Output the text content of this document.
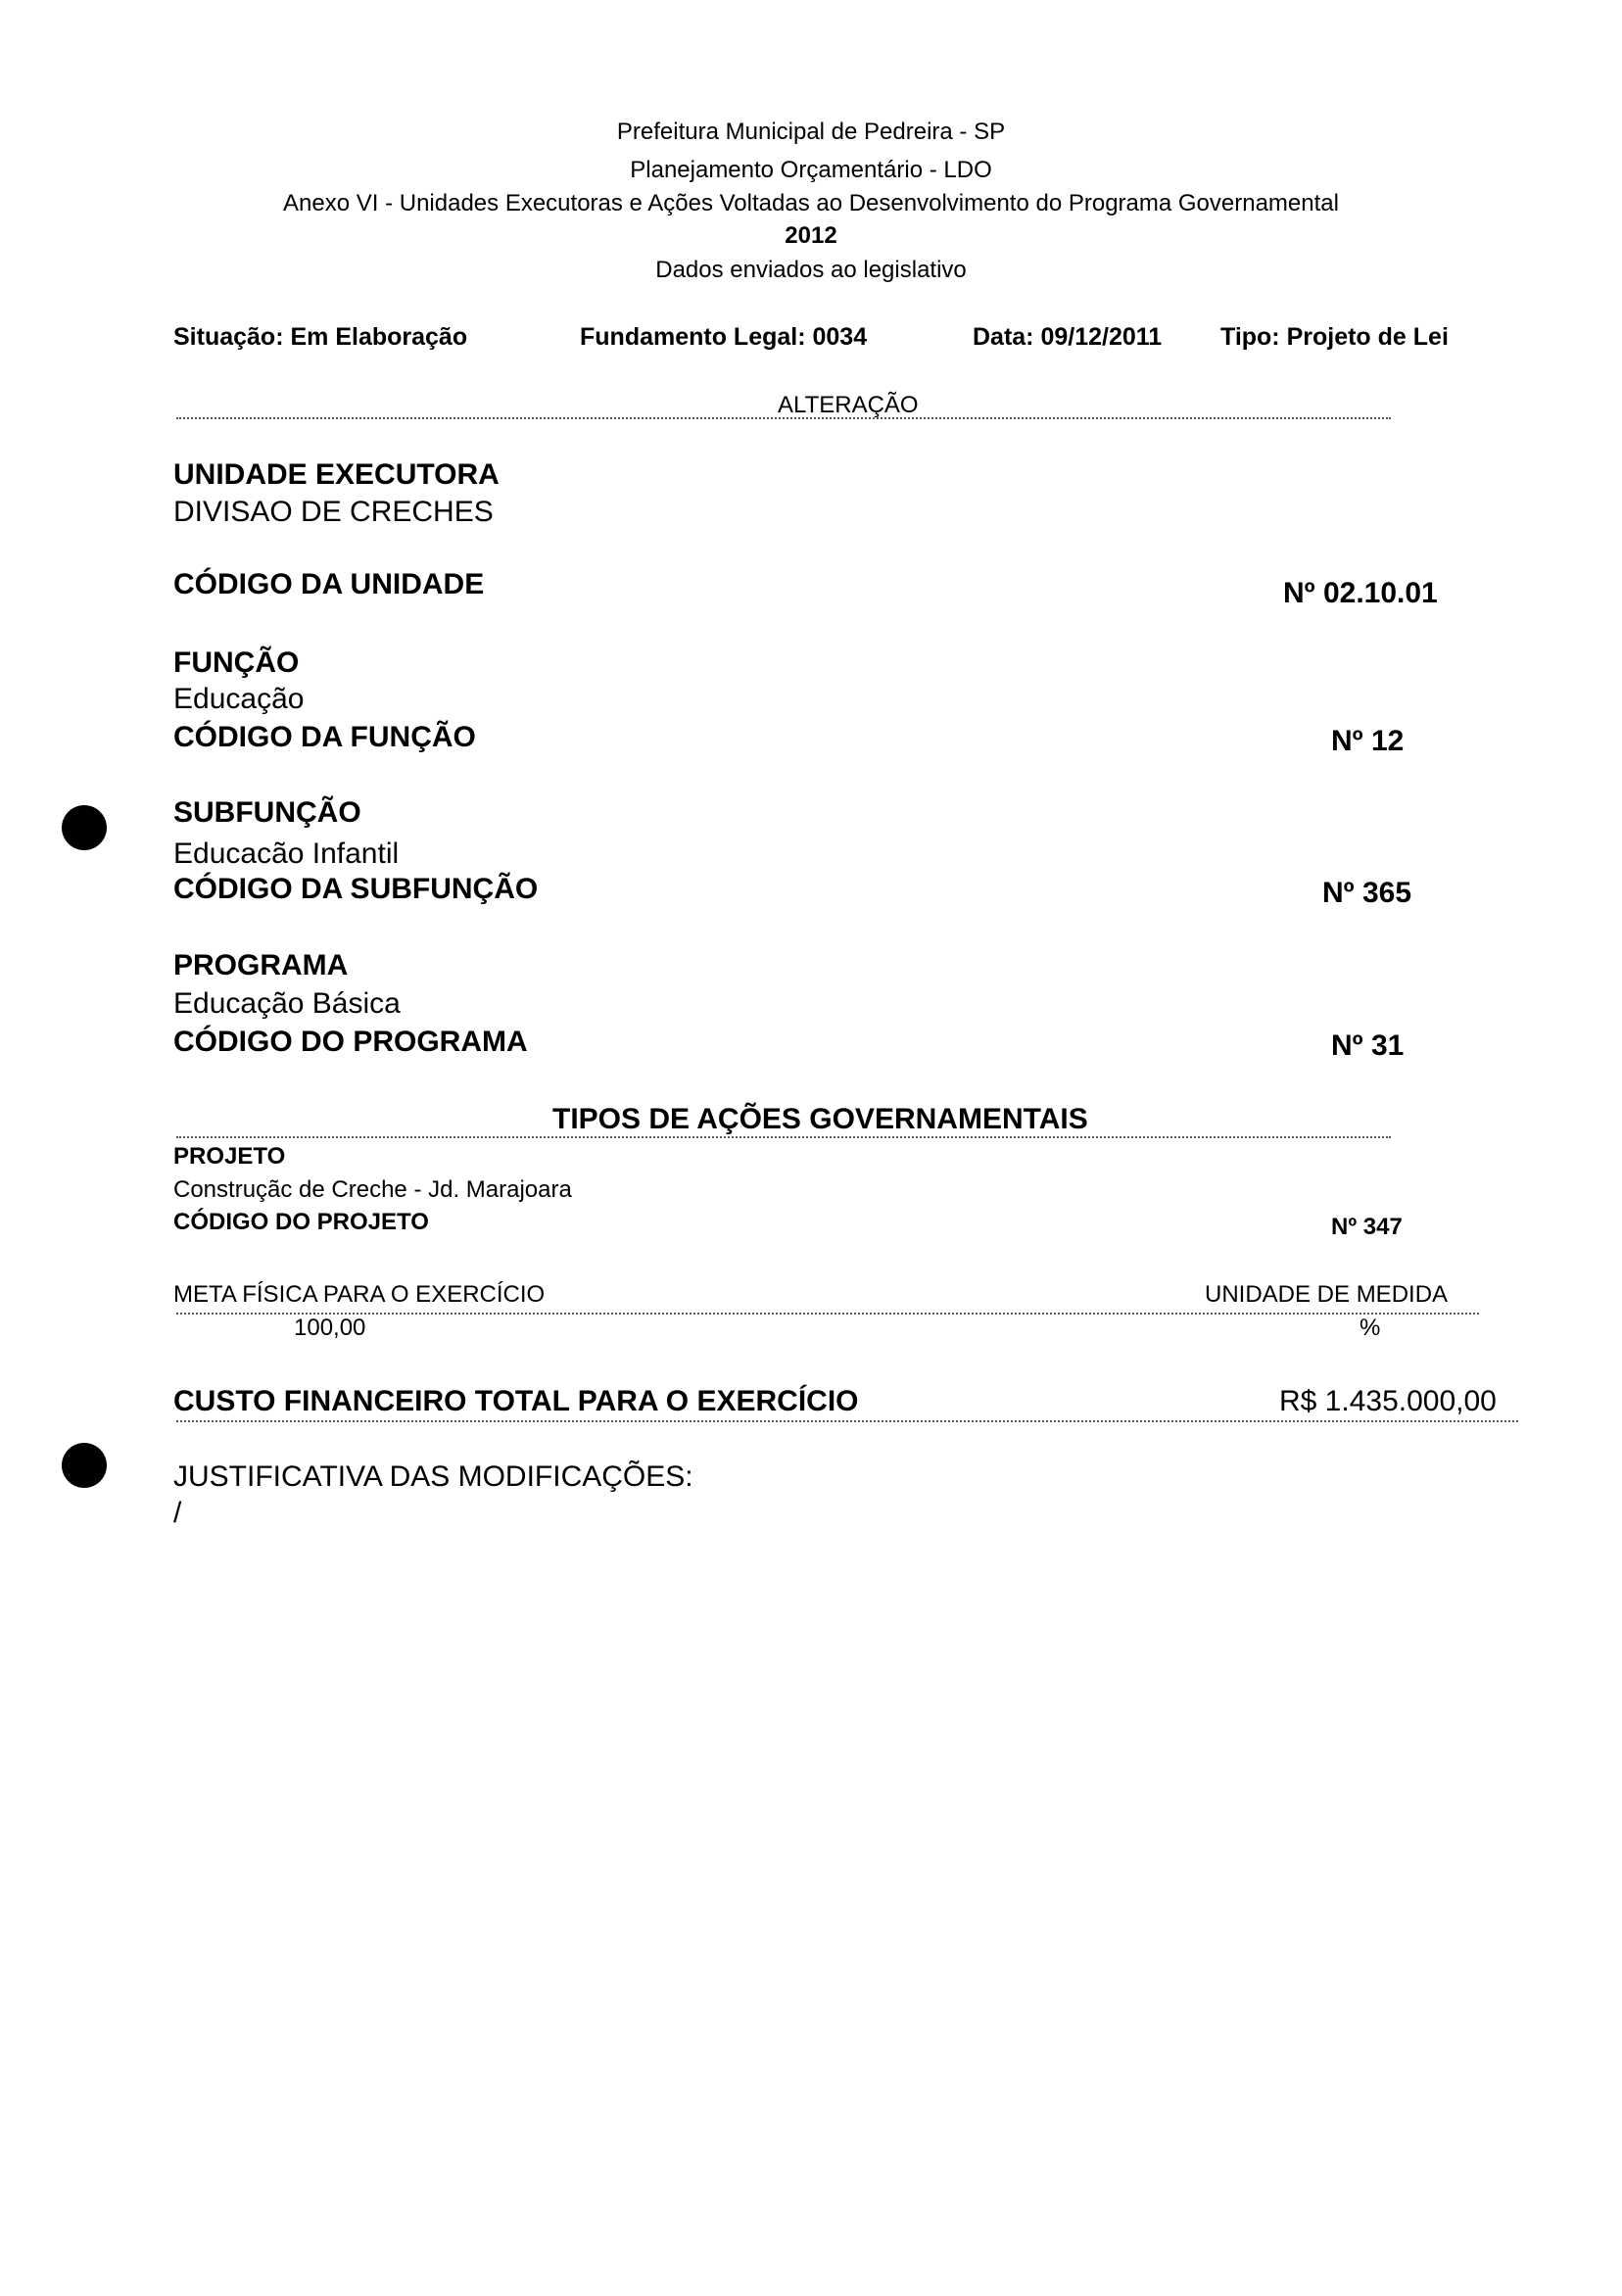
Prefeitura Municipal de Pedreira - SP
Planejamento Orçamentário - LDO
Anexo VI - Unidades Executoras e Ações Voltadas ao Desenvolvimento do Programa Governamental
2012
Dados enviados ao legislativo
Situação: Em Elaboração	Fundamento Legal: 0034	Data: 09/12/2011 Tipo: Projeto de Lei
ALTERAÇÃO
UNIDADE EXECUTORA
DIVISAO DE CRECHES
CÓDIGO DA UNIDADE	Nº 02.10.01
FUNÇÃO
Educação
CÓDIGO DA FUNÇÃO	Nº 12
SUBFUNÇÃO
Educacão Infantil
CÓDIGO DA SUBFUNÇÃO	Nº 365
PROGRAMA
Educação Básica
CÓDIGO DO PROGRAMA	Nº 31
TIPOS DE AÇÕES GOVERNAMENTAIS
PROJETO
Construçãc de Creche - Jd. Marajoara
CÓDIGO DO PROJETO	Nº 347
META FÍSICA PARA O EXERCÍCIO	UNIDADE DE MEDIDA
100,00	%
CUSTO FINANCEIRO TOTAL PARA O EXERCÍCIO	R$ 1.435.000,00
JUSTIFICATIVA DAS MODIFICAÇÕES:
/
